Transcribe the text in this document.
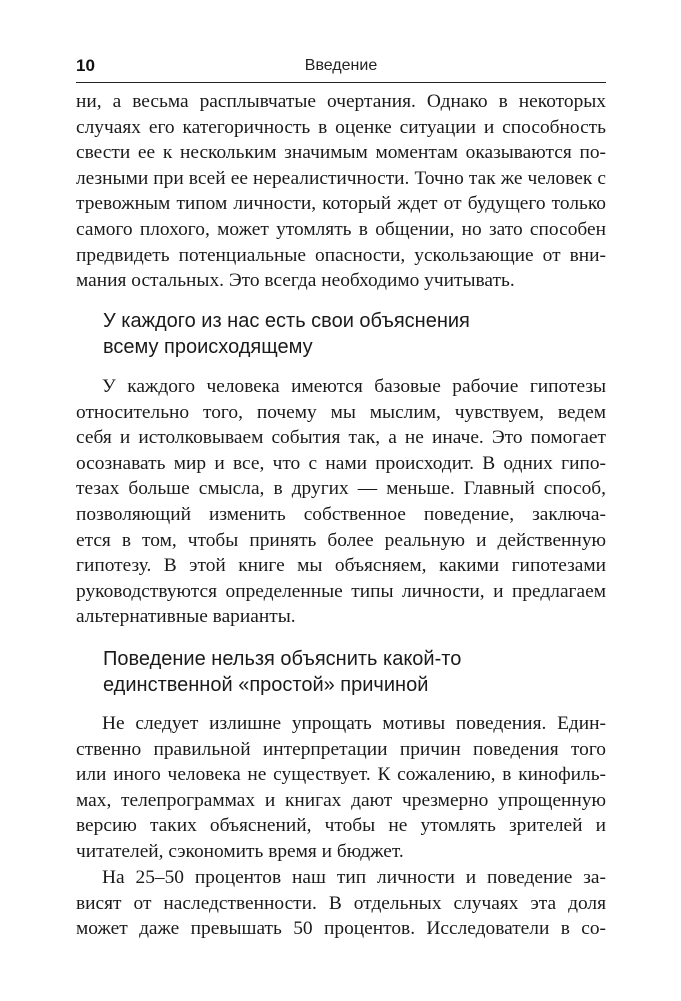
10	Введение
ни, а весьма расплывчатые очертания. Однако в некоторых
случаях его категоричность в оценке ситуации и способность
свести ее к нескольким значимым моментам оказываются по-
лезными при всей ее нереалистичности. Точно так же человек с
тревожным типом личности, который ждет от будущего только
самого плохого, может утомлять в общении, но зато способен
предвидеть потенциальные опасности, ускользающие от вни-
мания остальных. Это всегда необходимо учитывать.
У каждого из нас есть свои объяснения
всему происходящему
У каждого человека имеются базовые рабочие гипотезы
относительно того, почему мы мыслим, чувствуем, ведем
себя и истолковываем события так, а не иначе. Это помогает
осознавать мир и все, что с нами происходит. В одних гипо-
тезах больше смысла, в других — меньше. Главный способ,
позволяющий изменить собственное поведение, заключа-
ется в том, чтобы принять более реальную и действенную
гипотезу. В этой книге мы объясняем, какими гипотезами
руководствуются определенные типы личности, и предлагаем
альтернативные варианты.
Поведение нельзя объяснить какой-то
единственной «простой» причиной
Не следует излишне упрощать мотивы поведения. Един-
ственно правильной интерпретации причин поведения того
или иного человека не существует. К сожалению, в кинофиль-
мах, телепрограммах и книгах дают чрезмерно упрощенную
версию таких объяснений, чтобы не утомлять зрителей и
читателей, сэкономить время и бюджет.
На 25–50 процентов наш тип личности и поведение за-
висят от наследственности. В отдельных случаях эта доля
может даже превышать 50 процентов. Исследователи в со-
